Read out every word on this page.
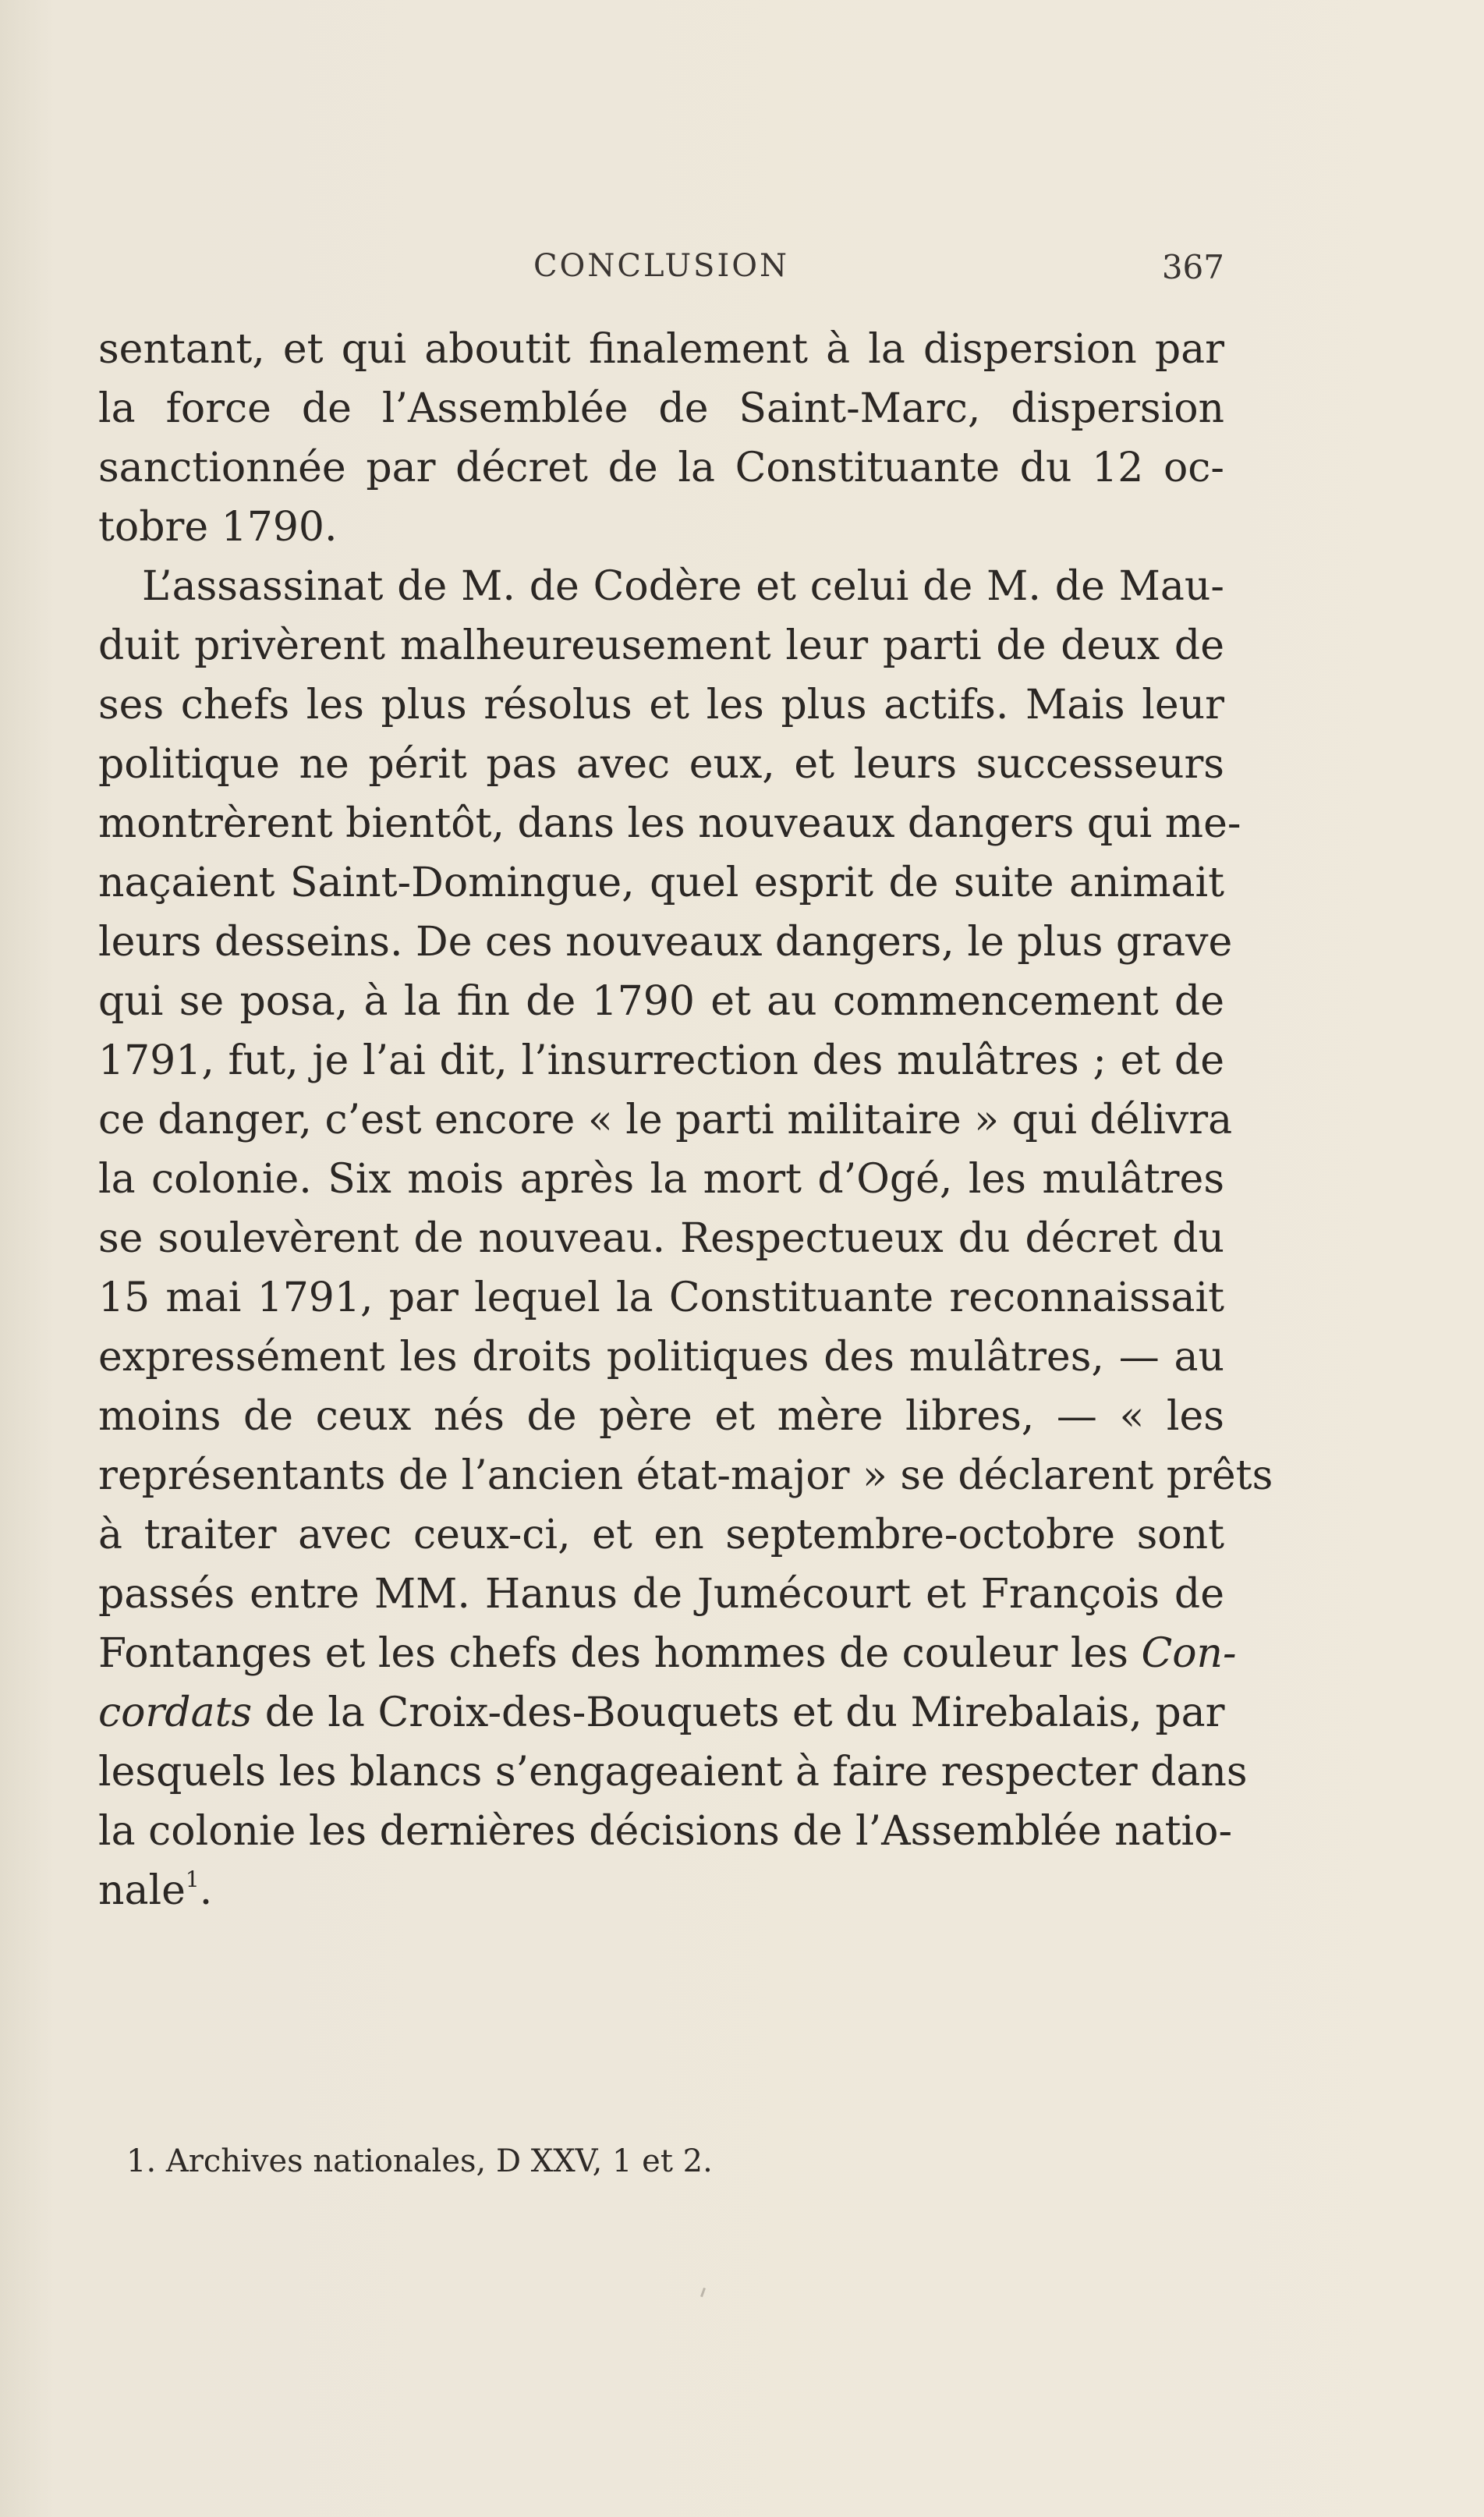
CONCLUSION	367
sentant, et qui aboutit finalement à la dispersion par
la force de l’Assemblée de Saint-Marc, dispersion
sanctionnée par décret de la Constituante du 12 oc-
tobre 1790.
L’assassinat de M. de Codère et celui de M. de Mau-
duit privèrent malheureusement leur parti de deux de
ses chefs les plus résolus et les plus actifs. Mais leur
politique ne périt pas avec eux, et leurs successeurs
montrèrent bientôt, dans les nouveaux dangers qui me-
naçaient Saint-Domingue, quel esprit de suite animait
leurs desseins. De ces nouveaux dangers, le plus grave
qui se posa, à la fin de 1790 et au commencement de
1791, fut, je l’ai dit, l’insurrection des mulâtres ; et de
ce danger, c’est encore « le parti militaire » qui délivra
la colonie. Six mois après la mort d’Ogé, les mulâtres
se soulevèrent de nouveau. Respectueux du décret du
15 mai 1791, par lequel la Constituante reconnaissait
expressément les droits politiques des mulâtres, — au
moins de ceux nés de père et mère libres, — « les
représentants de l’ancien état-major » se déclarent prêts
à traiter avec ceux-ci, et en septembre-octobre sont
passés entre MM. Hanus de Jumécourt et François de
Fontanges et les chefs des hommes de couleur les Con-
cordats de la Croix-des-Bouquets et du Mirebalais, par
lesquels les blancs s’engageaient à faire respecter dans
la colonie les dernières décisions de l’Assemblée natio-
nale$^1$.
1. Archives nationales, D XXV, 1 et 2.
